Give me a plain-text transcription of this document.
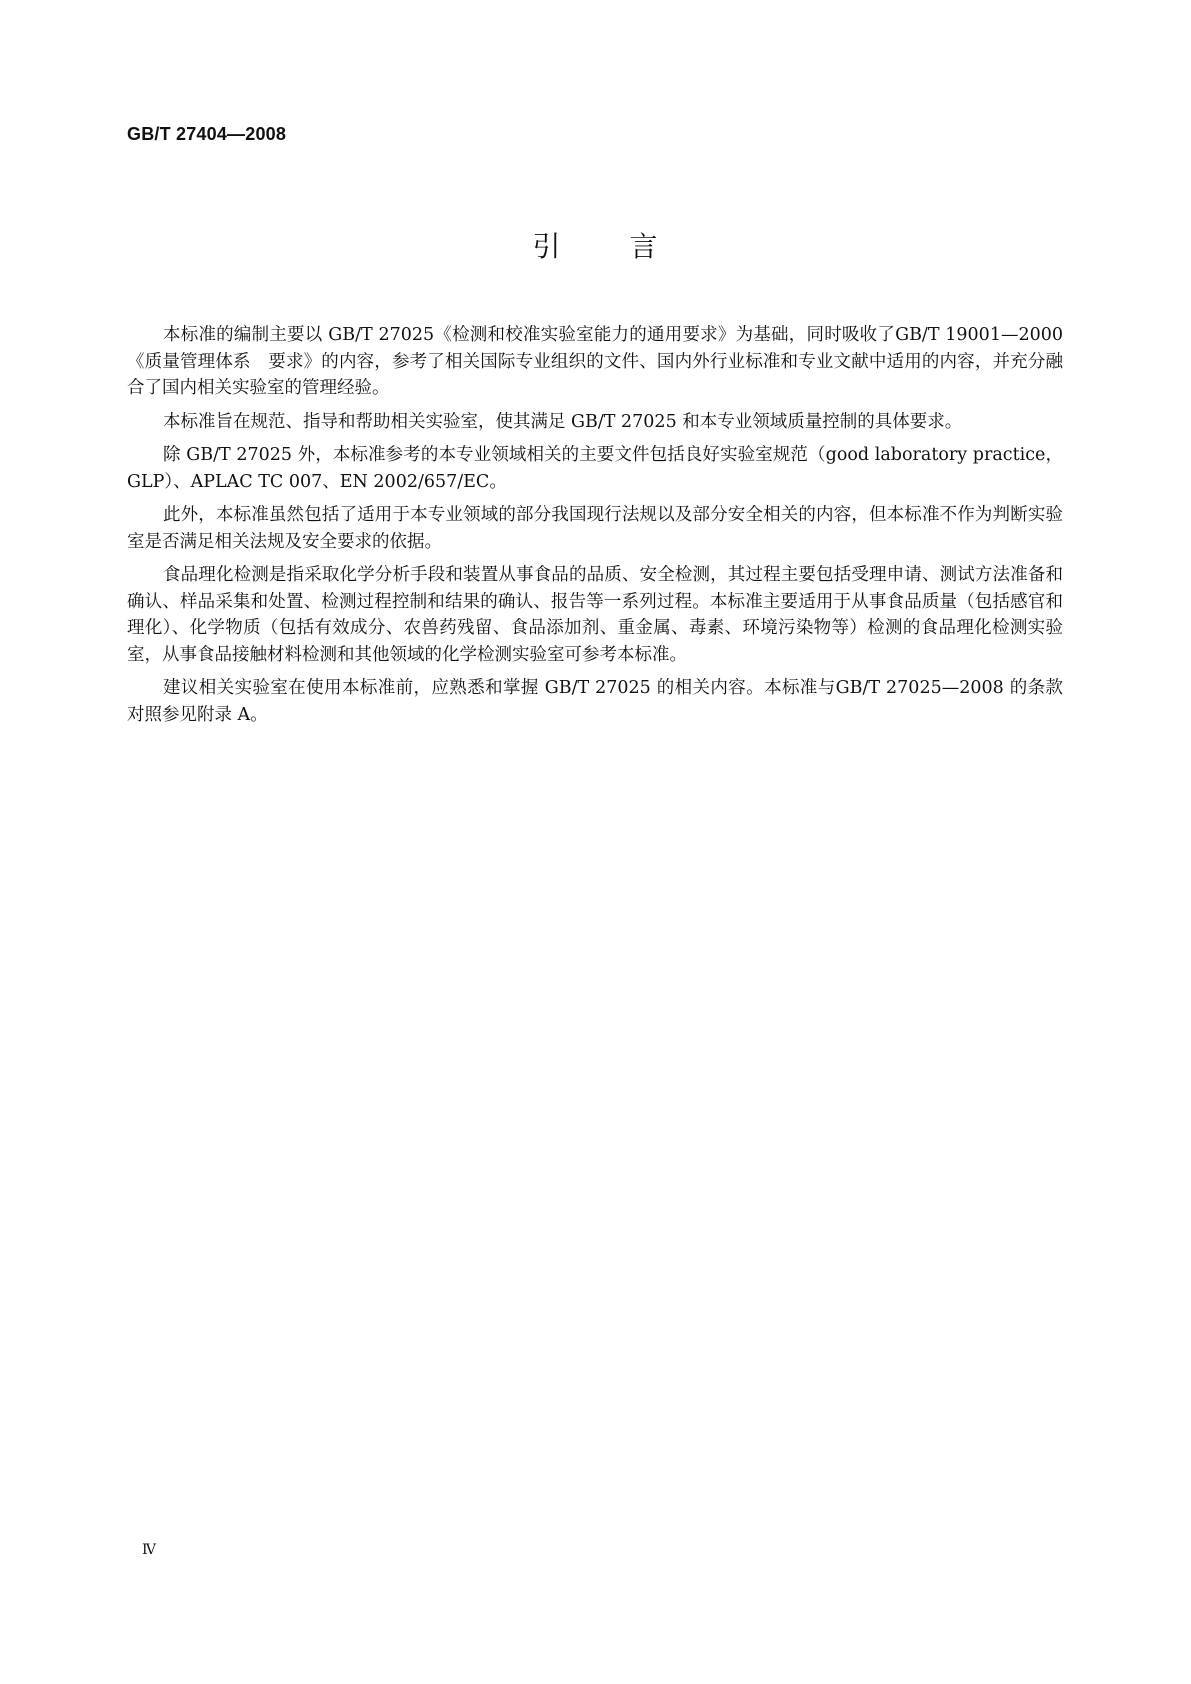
GB/T 27404—2008
引 言

本标准的编制主要以 GB/T 27025《检测和校准实验室能力的通用要求》为基础，同时吸收了GB/T 19001—2000《质量管理体系　要求》的内容，参考了相关国际专业组织的文件、国内外行业标准和专业文献中适用的内容，并充分融合了国内相关实验室的管理经验。

本标准旨在规范、指导和帮助相关实验室，使其满足 GB/T 27025 和本专业领域质量控制的具体要求。

除 GB/T 27025 外，本标准参考的本专业领域相关的主要文件包括良好实验室规范（good laboratory practice，GLP）、APLAC TC 007、EN 2002/657/EC。

此外，本标准虽然包括了适用于本专业领域的部分我国现行法规以及部分安全相关的内容，但本标准不作为判断实验室是否满足相关法规及安全要求的依据。

食品理化检测是指采取化学分析手段和装置从事食品的品质、安全检测，其过程主要包括受理申请、测试方法准备和确认、样品采集和处置、检测过程控制和结果的确认、报告等一系列过程。本标准主要适用于从事食品质量（包括感官和理化）、化学物质（包括有效成分、农兽药残留、食品添加剂、重金属、毒素、环境污染物等）检测的食品理化检测实验室，从事食品接触材料检测和其他领域的化学检测实验室可参考本标准。

建议相关实验室在使用本标准前，应熟悉和掌握 GB/T 27025 的相关内容。本标准与GB/T 27025—2008 的条款对照参见附录 A。

Ⅳ
